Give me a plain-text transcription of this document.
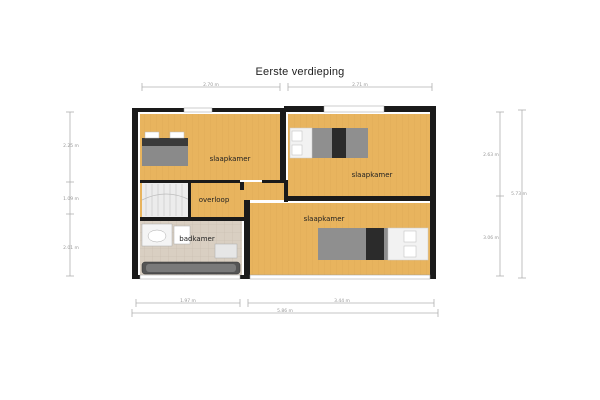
Eerste verdieping
2.70 m	2.71 m
2.25 m
1.09 m
2.01 m
2.63 m
3.06 m
5.73 m
1.97 m	3.44 m
5.86 m
slaapkamer
slaapkamer
overloop
slaapkamer
badkamer
